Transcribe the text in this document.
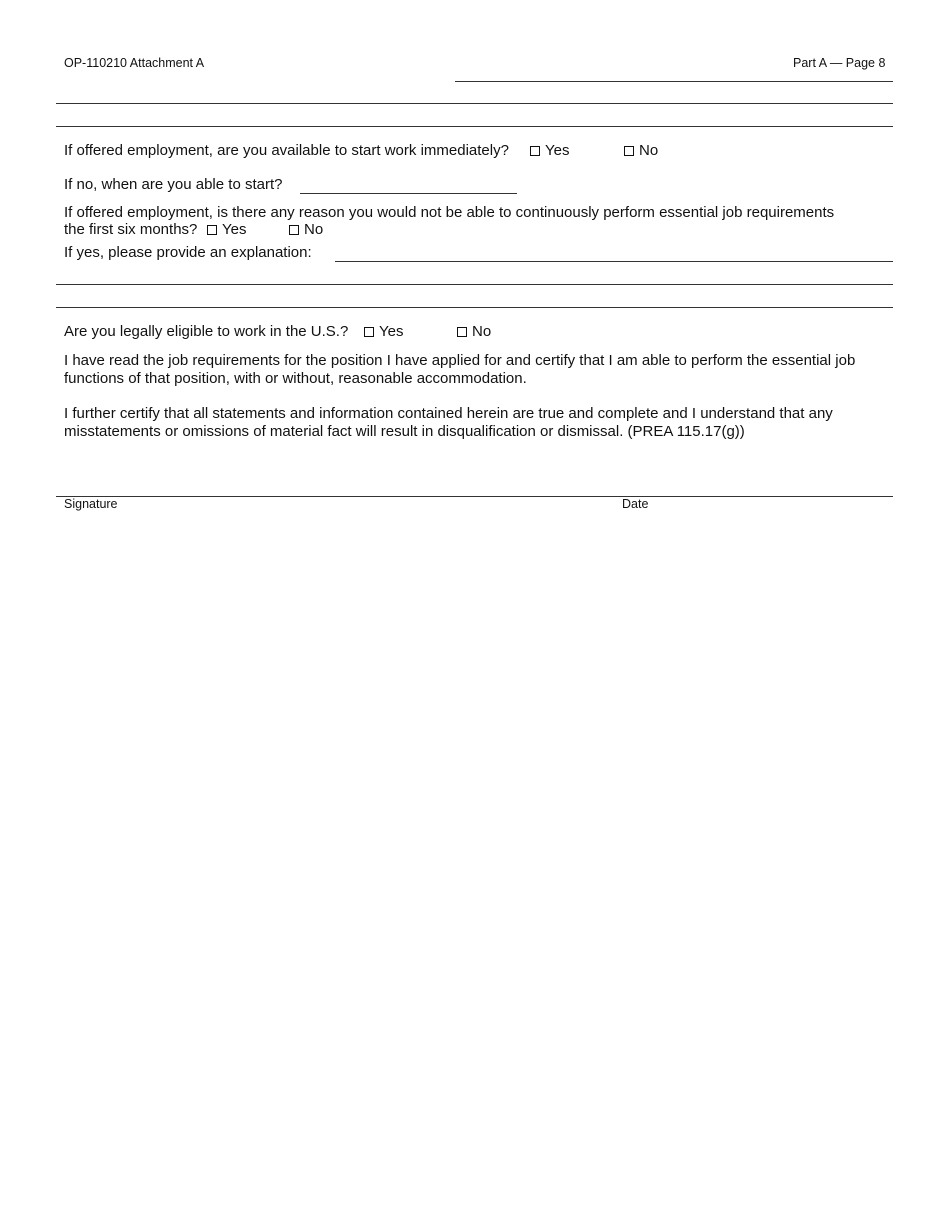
OP-110210 Attachment A	Part A — Page 8
If offered employment, are you available to start work immediately?	Yes	No
If no, when are you able to start?
If offered employment, is there any reason you would not be able to continuously perform essential job requirements
the first six months?	Yes	No
If yes, please provide an explanation:
Are you legally eligible to work in the U.S.?	Yes	No
I have read the job requirements for the position I have applied for and certify that I am able to perform the essential job functions of that position, with or without, reasonable accommodation.
I further certify that all statements and information contained herein are true and complete and I understand that any misstatements or omissions of material fact will result in disqualification or dismissal. (PREA 115.17(g))
Signature	Date
